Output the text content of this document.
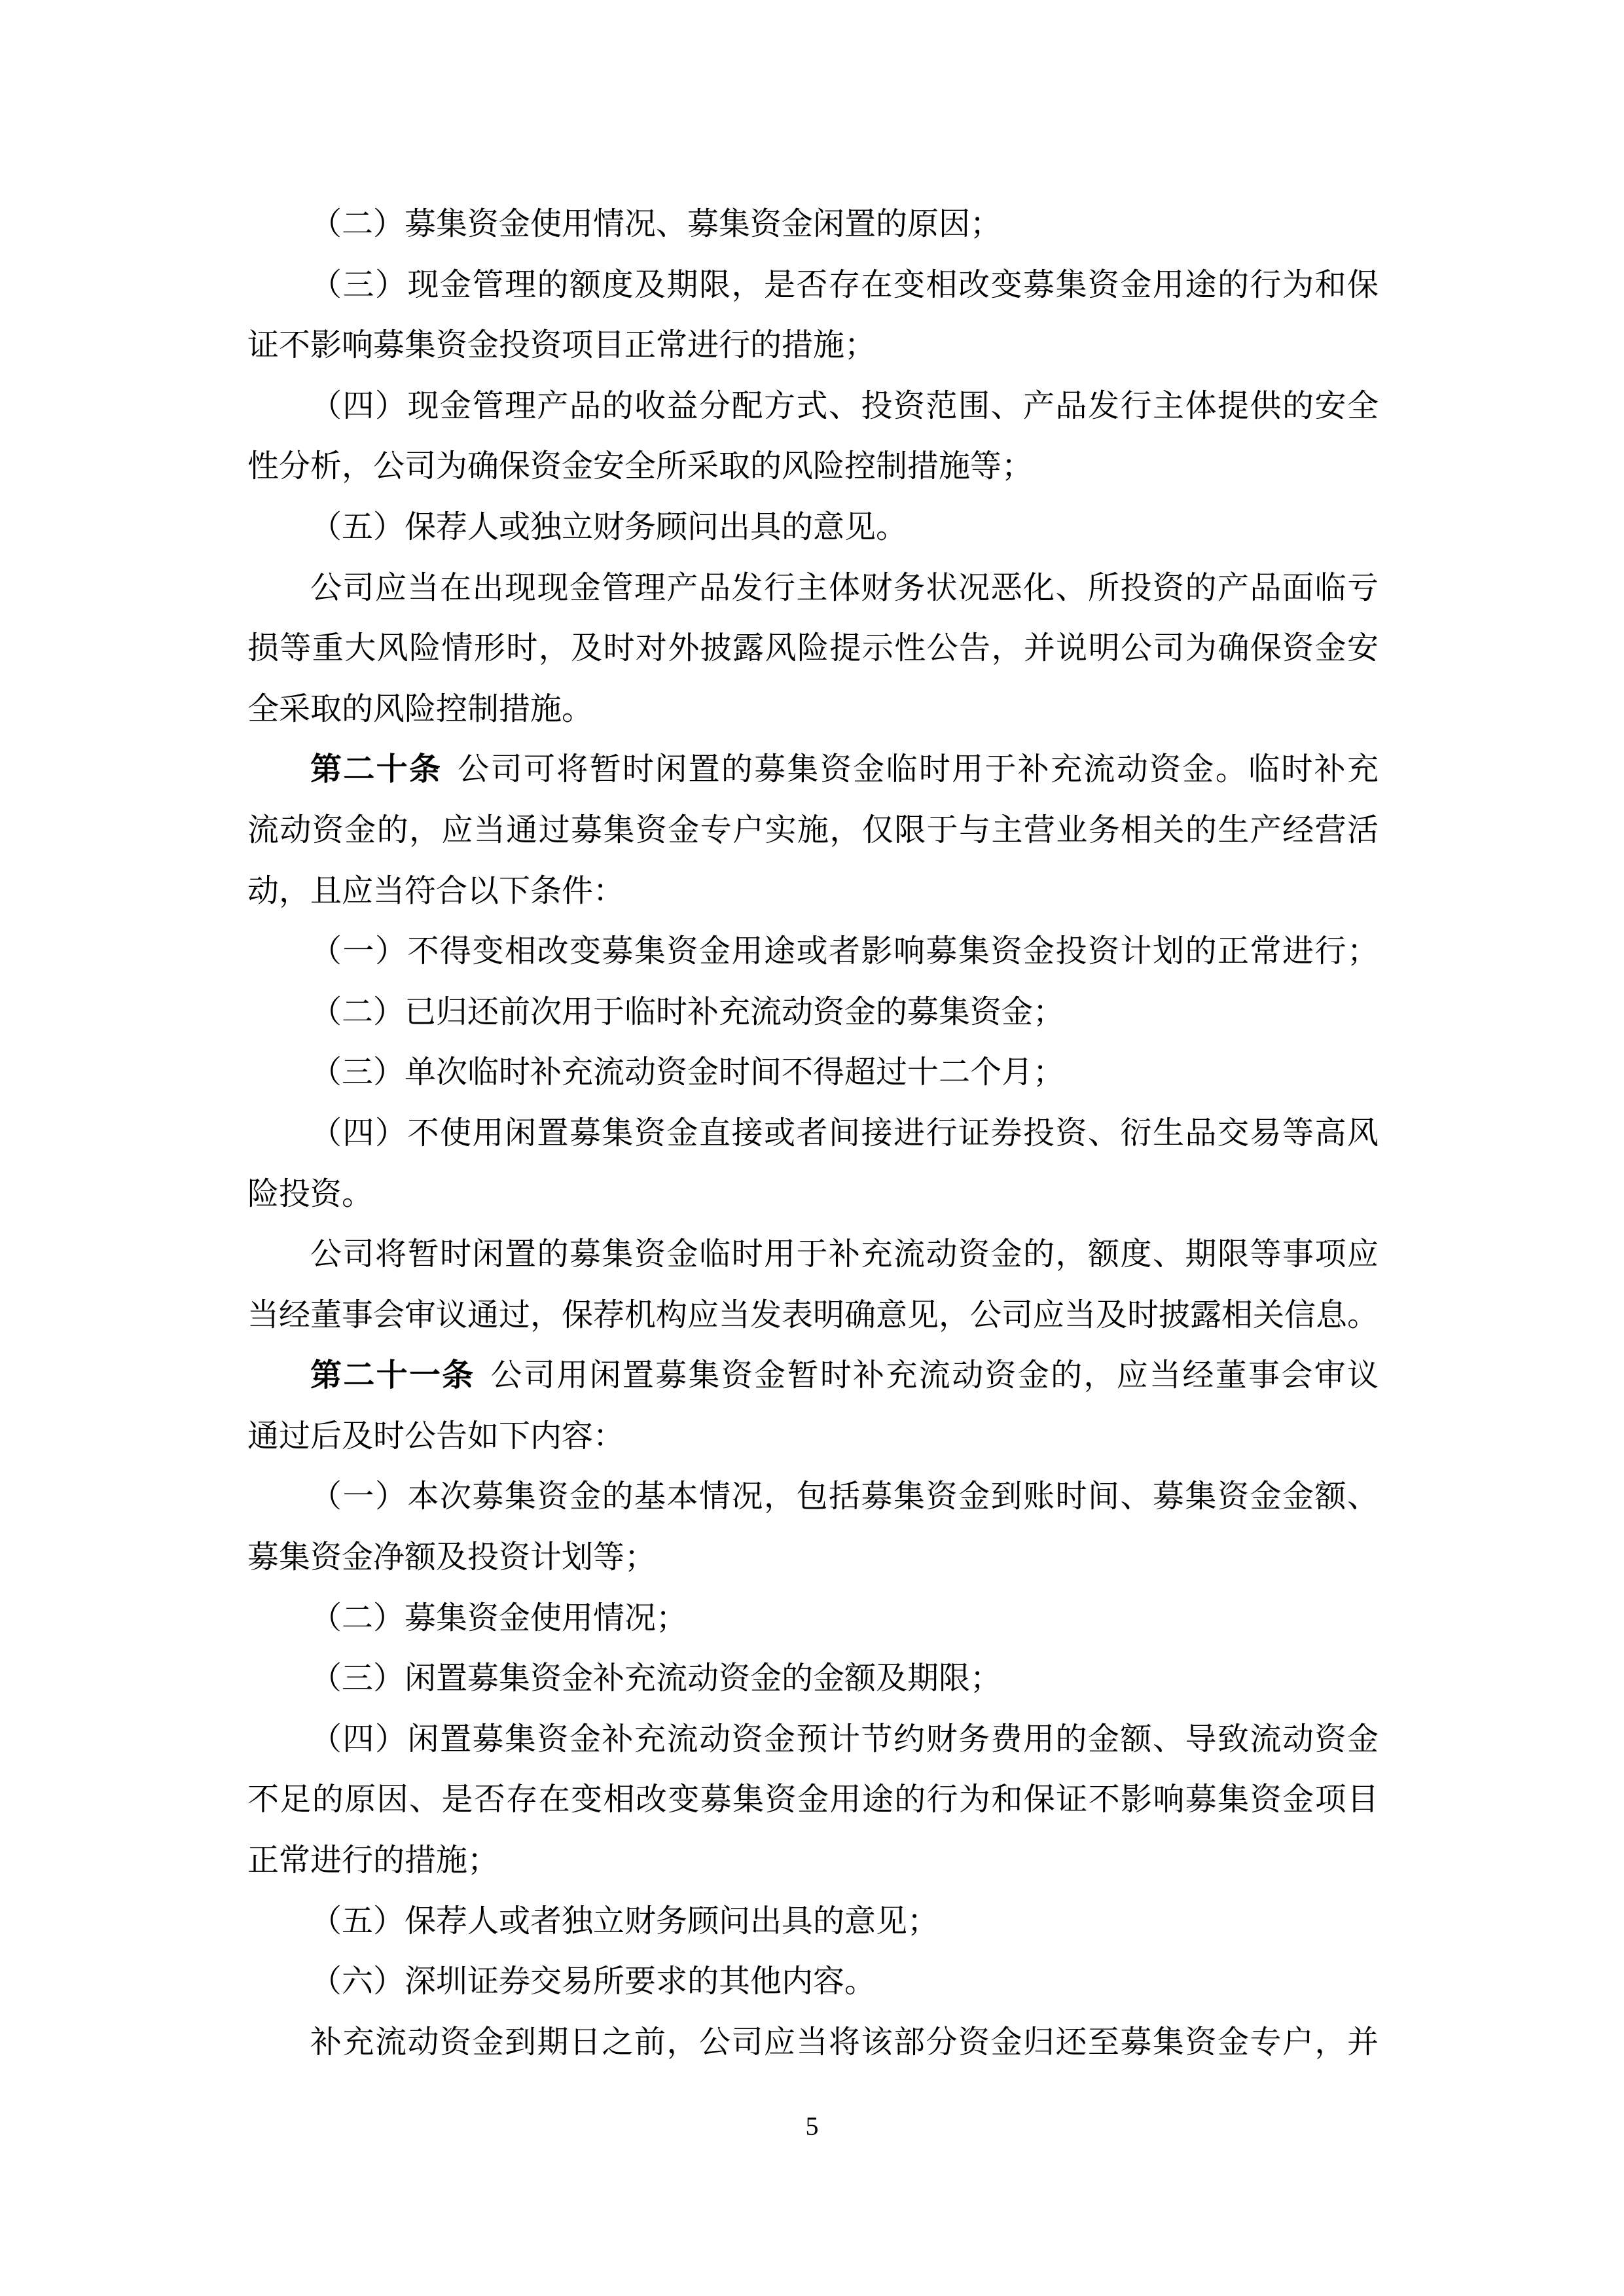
（二）募集资金使用情况、募集资金闲置的原因；
（三）现金管理的额度及期限，是否存在变相改变募集资金用途的行为和保
证不影响募集资金投资项目正常进行的措施；
（四）现金管理产品的收益分配方式、投资范围、产品发行主体提供的安全
性分析，公司为确保资金安全所采取的风险控制措施等；
（五）保荐人或独立财务顾问出具的意见。
公司应当在出现现金管理产品发行主体财务状况恶化、所投资的产品面临亏
损等重大风险情形时，及时对外披露风险提示性公告，并说明公司为确保资金安
全采取的风险控制措施。
第二十条 公司可将暂时闲置的募集资金临时用于补充流动资金。临时补充
流动资金的，应当通过募集资金专户实施，仅限于与主营业务相关的生产经营活
动，且应当符合以下条件：
（一）不得变相改变募集资金用途或者影响募集资金投资计划的正常进行；
（二）已归还前次用于临时补充流动资金的募集资金；
（三）单次临时补充流动资金时间不得超过十二个月；
（四）不使用闲置募集资金直接或者间接进行证券投资、衍生品交易等高风
险投资。
公司将暂时闲置的募集资金临时用于补充流动资金的，额度、期限等事项应
当经董事会审议通过，保荐机构应当发表明确意见，公司应当及时披露相关信息。
第二十一条 公司用闲置募集资金暂时补充流动资金的，应当经董事会审议
通过后及时公告如下内容：
（一）本次募集资金的基本情况，包括募集资金到账时间、募集资金金额、
募集资金净额及投资计划等；
（二）募集资金使用情况；
（三）闲置募集资金补充流动资金的金额及期限；
（四）闲置募集资金补充流动资金预计节约财务费用的金额、导致流动资金
不足的原因、是否存在变相改变募集资金用途的行为和保证不影响募集资金项目
正常进行的措施；
（五）保荐人或者独立财务顾问出具的意见；
（六）深圳证券交易所要求的其他内容。
补充流动资金到期日之前，公司应当将该部分资金归还至募集资金专户，并
5
